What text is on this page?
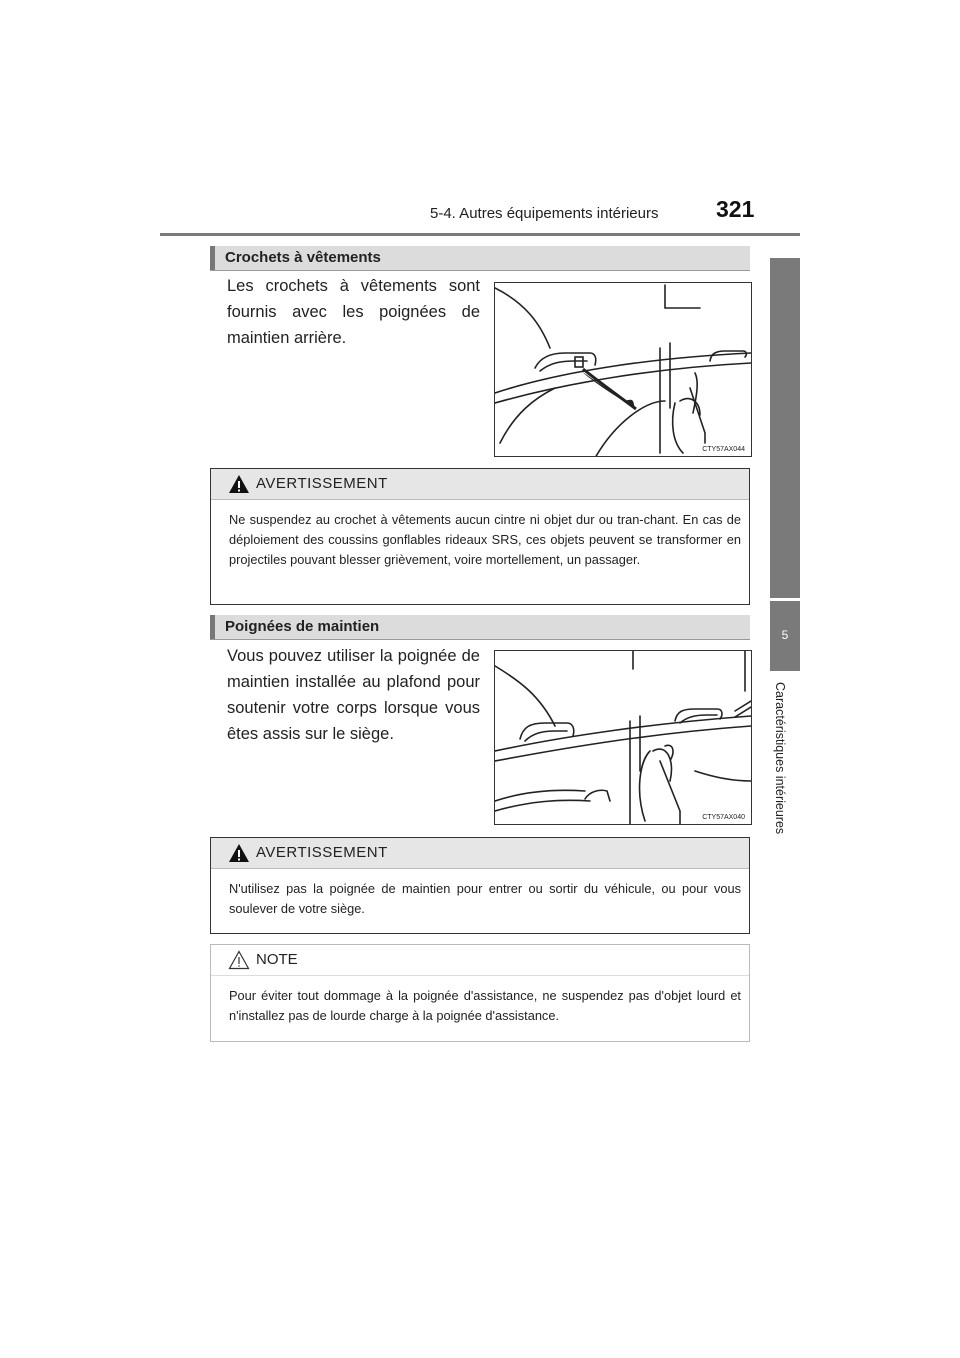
5-4. Autres équipements intérieurs	321
5
Caractéristiques intérieures
Crochets à vêtements
Les crochets à vêtements sont fournis avec les poignées de maintien arrière.
CTY57AX044
AVERTISSEMENT
Ne suspendez au crochet à vêtements aucun cintre ni objet dur ou tran-chant. En cas de déploiement des coussins gonflables rideaux SRS, ces objets peuvent se transformer en projectiles pouvant blesser grièvement, voire mortellement, un passager.
Poignées de maintien
Vous pouvez utiliser la poignée de maintien installée au plafond pour soutenir votre corps lorsque vous êtes assis sur le siège.
CTY57AX040
AVERTISSEMENT
N'utilisez pas la poignée de maintien pour entrer ou sortir du véhicule, ou pour vous soulever de votre siège.
NOTE
Pour éviter tout dommage à la poignée d'assistance, ne suspendez pas d'objet lourd et n'installez pas de lourde charge à la poignée d'assistance.
